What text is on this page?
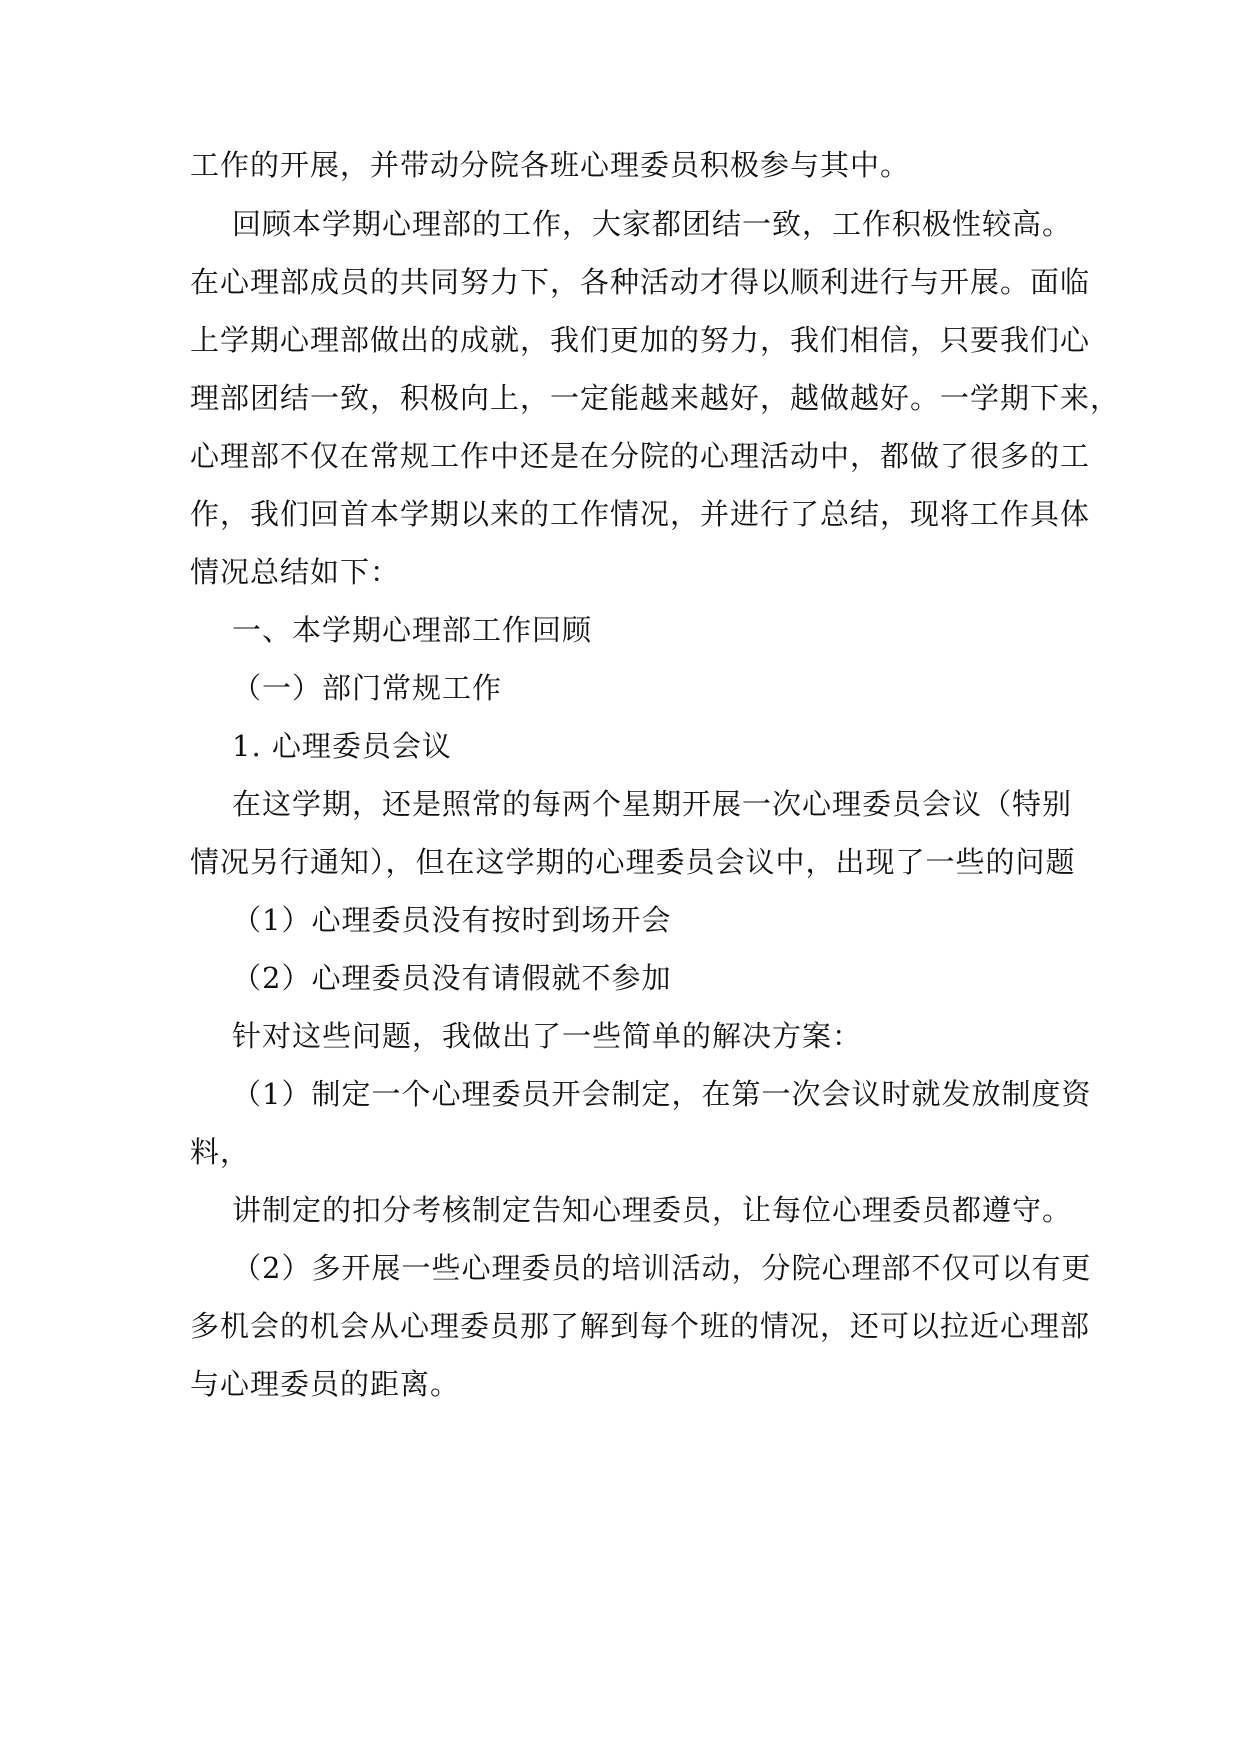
工作的开展，并带动分院各班心理委员积极参与其中。
回顾本学期心理部的工作，大家都团结一致，工作积极性较高。
在心理部成员的共同努力下，各种活动才得以顺利进行与开展。面临
上学期心理部做出的成就，我们更加的努力，我们相信，只要我们心
理部团结一致，积极向上，一定能越来越好，越做越好。一学期下来，
心理部不仅在常规工作中还是在分院的心理活动中，都做了很多的工
作，我们回首本学期以来的工作情况，并进行了总结，现将工作具体
情况总结如下：
一、本学期心理部工作回顾
（一）部门常规工作
1. 心理委员会议
在这学期，还是照常的每两个星期开展一次心理委员会议（特别
情况另行通知），但在这学期的心理委员会议中，出现了一些的问题
（1）心理委员没有按时到场开会
（2）心理委员没有请假就不参加
针对这些问题，我做出了一些简单的解决方案：
（1）制定一个心理委员开会制定，在第一次会议时就发放制度资
料，
讲制定的扣分考核制定告知心理委员，让每位心理委员都遵守。
（2）多开展一些心理委员的培训活动，分院心理部不仅可以有更
多机会的机会从心理委员那了解到每个班的情况，还可以拉近心理部
与心理委员的距离。
